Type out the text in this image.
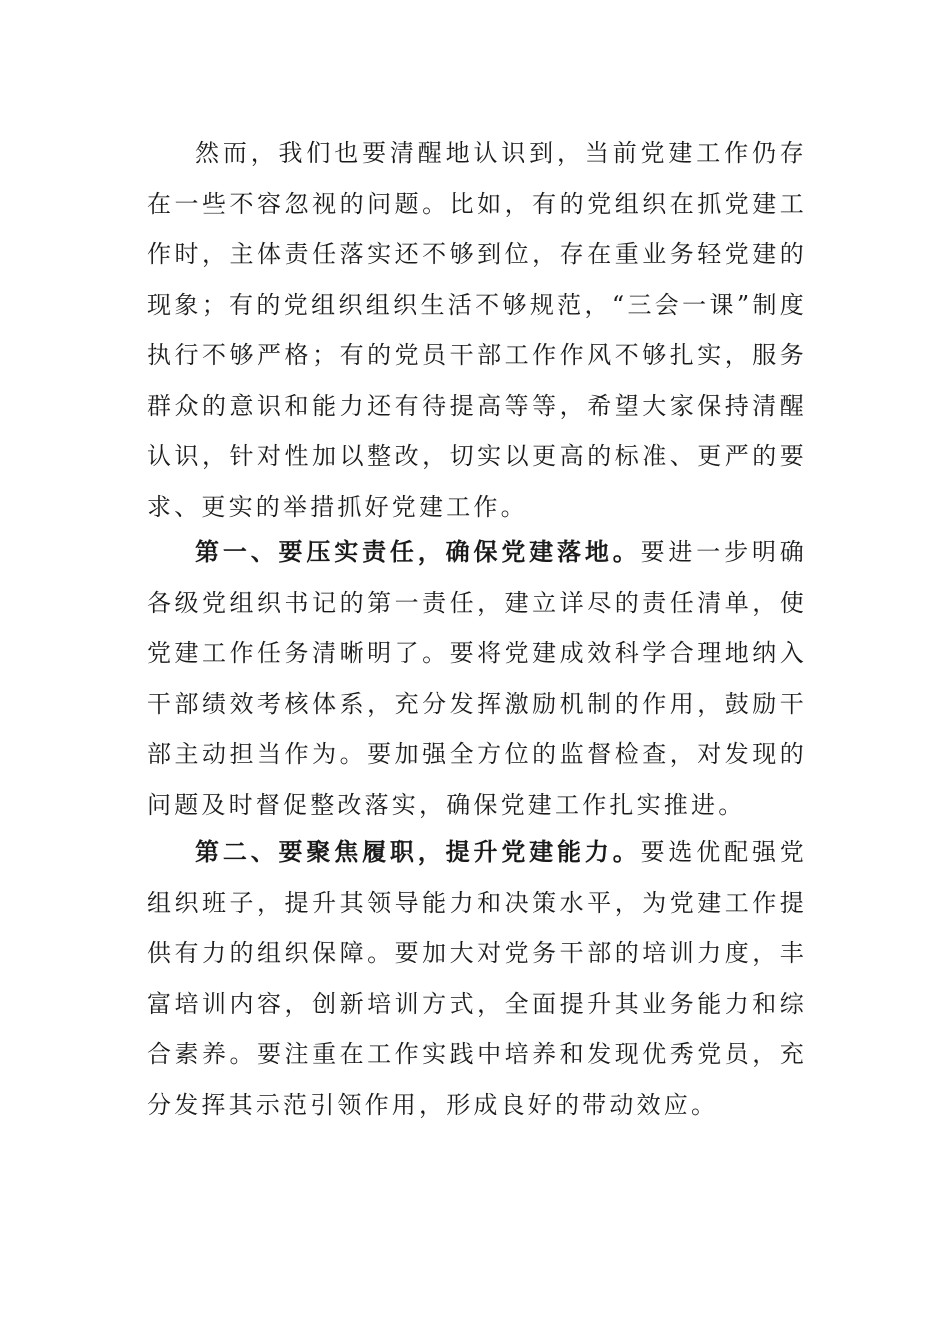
然而，我们也要清醒地认识到，当前党建工作仍存在一些不容忽视的问题。比如，有的党组织在抓党建工作时，主体责任落实还不够到位，存在重业务轻党建的现象；有的党组织组织生活不够规范，“三会一课”制度执行不够严格；有的党员干部工作作风不够扎实，服务群众的意识和能力还有待提高等等，希望大家保持清醒认识，针对性加以整改，切实以更高的标准、更严的要求、更实的举措抓好党建工作。

第一、要压实责任，确保党建落地。要进一步明确各级党组织书记的第一责任，建立详尽的责任清单，使党建工作任务清晰明了。要将党建成效科学合理地纳入干部绩效考核体系，充分发挥激励机制的作用，鼓励干部主动担当作为。要加强全方位的监督检查，对发现的问题及时督促整改落实，确保党建工作扎实推进。

第二、要聚焦履职，提升党建能力。要选优配强党组织班子，提升其领导能力和决策水平，为党建工作提供有力的组织保障。要加大对党务干部的培训力度，丰富培训内容，创新培训方式，全面提升其业务能力和综合素养。要注重在工作实践中培养和发现优秀党员，充分发挥其示范引领作用，形成良好的带动效应。
